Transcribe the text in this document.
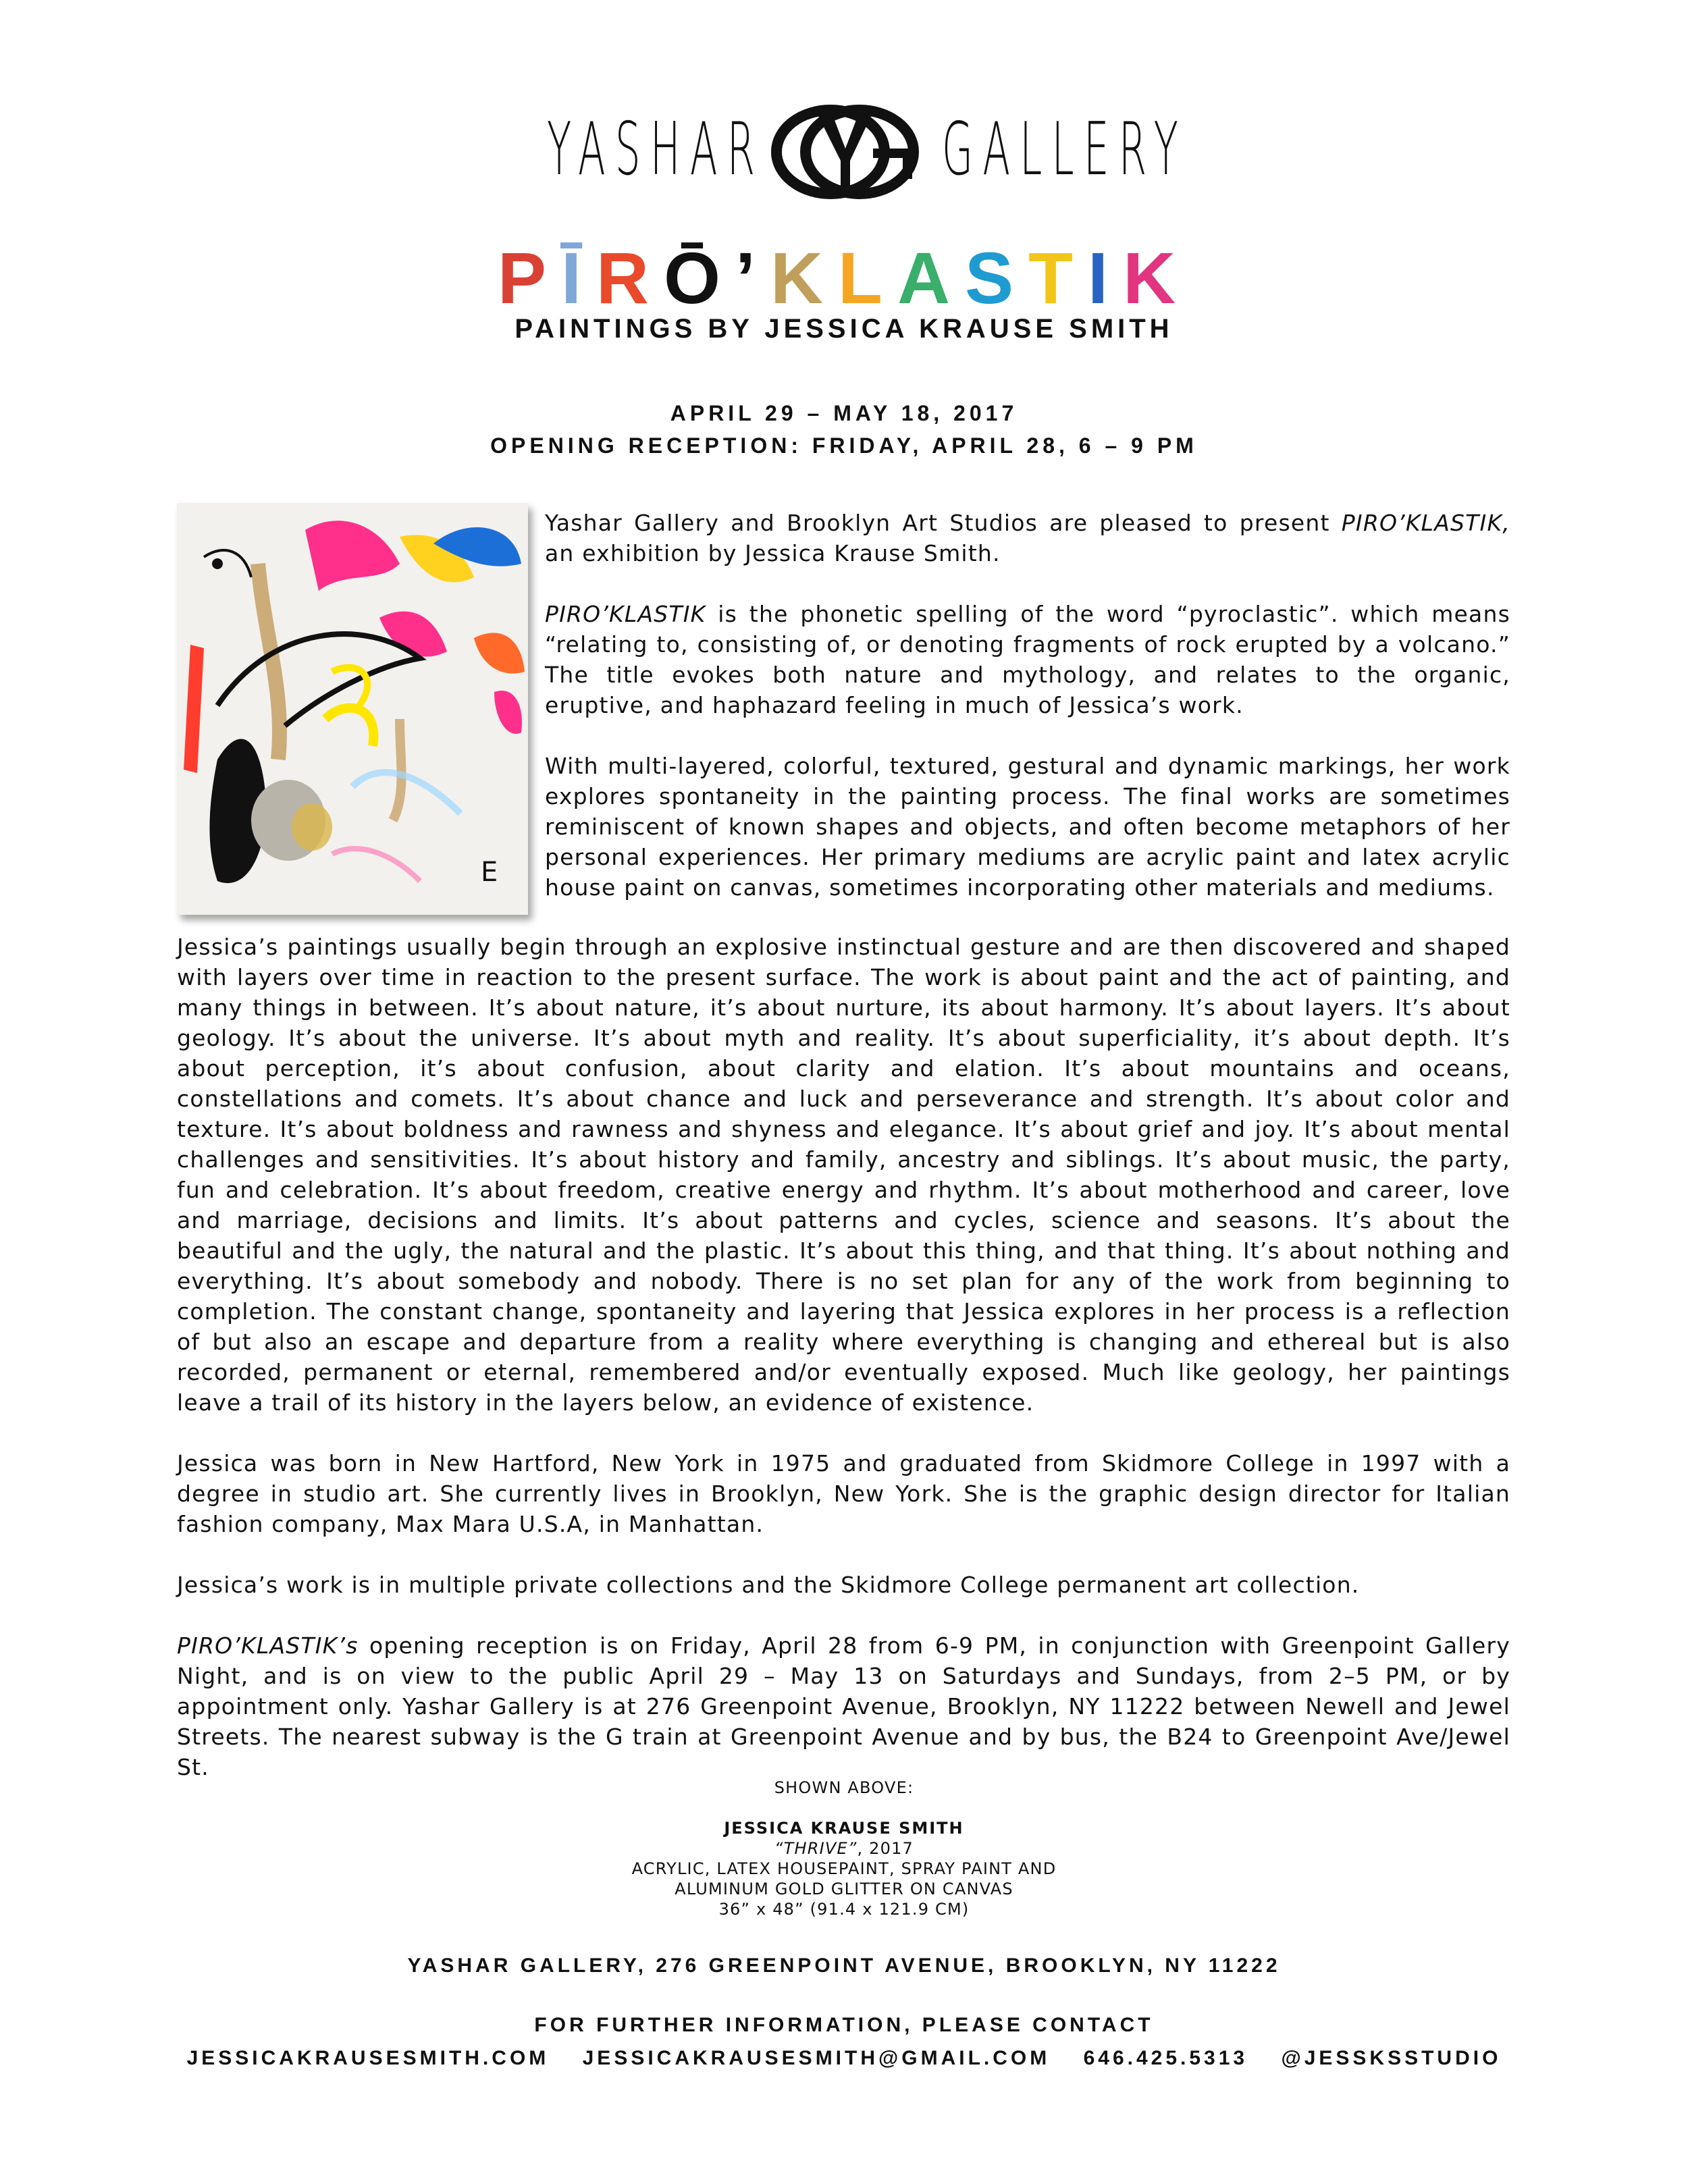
YASHAR
YG
GALLERY
PĪRŌ’KLASTIK
PAINTINGS BY JESSICA KRAUSE SMITH
APRIL 29 – MAY 18, 2017
OPENING RECEPTION: FRIDAY, APRIL 28, 6 – 9 PM
E

Yashar Gallery and Brooklyn Art Studios are pleased to present PIRO’KLASTIK, an exhibition by Jessica Krause Smith.

PIRO’KLASTIK is the phonetic spelling of the word “pyroclastic”. which means “relating to, consisting of, or denoting fragments of rock erupted by a volcano.” The title evokes both nature and mythology, and relates to the organic, eruptive, and haphazard feeling in much of Jessica’s work.

With multi-layered, colorful, textured, gestural and dynamic markings, her work explores spontaneity in the painting process. The final works are sometimes reminiscent of known shapes and objects, and often become metaphors of her personal experiences. Her primary mediums are acrylic paint and latex acrylic house paint on canvas, sometimes incorporating other materials and mediums.

Jessica’s paintings usually begin through an explosive instinctual gesture and are then discovered and shaped with layers over time in reaction to the present surface. The work is about paint and the act of painting, and many things in between. It’s about nature, it’s about nurture, its about harmony. It’s about layers. It’s about geology. It’s about the universe. It’s about myth and reality. It’s about superficiality, it’s about depth. It’s about perception, it’s about confusion, about clarity and elation. It’s about mountains and oceans, constellations and comets. It’s about chance and luck and perseverance and strength. It’s about color and texture. It’s about boldness and rawness and shyness and elegance. It’s about grief and joy. It’s about mental challenges and sensitivities. It’s about history and family, ancestry and siblings. It’s about music, the party, fun and celebration. It’s about freedom, creative energy and rhythm. It’s about motherhood and career, love and marriage, decisions and limits. It’s about patterns and cycles, science and seasons. It’s about the beautiful and the ugly, the natural and the plastic. It’s about this thing, and that thing. It’s about nothing and everything. It’s about somebody and nobody. There is no set plan for any of the work from beginning to completion. The constant change, spontaneity and layering that Jessica explores in her process is a reflection of but also an escape and departure from a reality where everything is changing and ethereal but is also recorded, permanent or eternal, remembered and/or eventually exposed. Much like geology, her paintings leave a trail of its history in the layers below, an evidence of existence.

Jessica was born in New Hartford, New York in 1975 and graduated from Skidmore College in 1997 with a degree in studio art. She currently lives in Brooklyn, New York. She is the graphic design director for Italian fashion company, Max Mara U.S.A, in Manhattan.

Jessica’s work is in multiple private collections and the Skidmore College permanent art collection.

PIRO’KLASTIK’s opening reception is on Friday, April 28 from 6-9 PM, in conjunction with Greenpoint Gallery Night, and is on view to the public April 29 – May 13 on Saturdays and Sundays, from 2–5 PM, or by appointment only. Yashar Gallery is at 276 Greenpoint Avenue, Brooklyn, NY 11222 between Newell and Jewel Streets. The nearest subway is the G train at Greenpoint Avenue and by bus, the B24 to Greenpoint Ave/Jewel St.

SHOWN ABOVE:
JESSICA KRAUSE SMITH
“THRIVE”, 2017
ACRYLIC, LATEX HOUSEPAINT, SPRAY PAINT AND
ALUMINUM GOLD GLITTER ON CANVAS
36” x 48” (91.4 x 121.9 CM)
YASHAR GALLERY, 276 GREENPOINT AVENUE, BROOKLYN, NY 11222
FOR FURTHER INFORMATION, PLEASE CONTACT
JESSICAKRAUSESMITH.COM JESSICAKRAUSESMITH@GMAIL.COM 646.425.5313 @JESSKSSTUDIO
